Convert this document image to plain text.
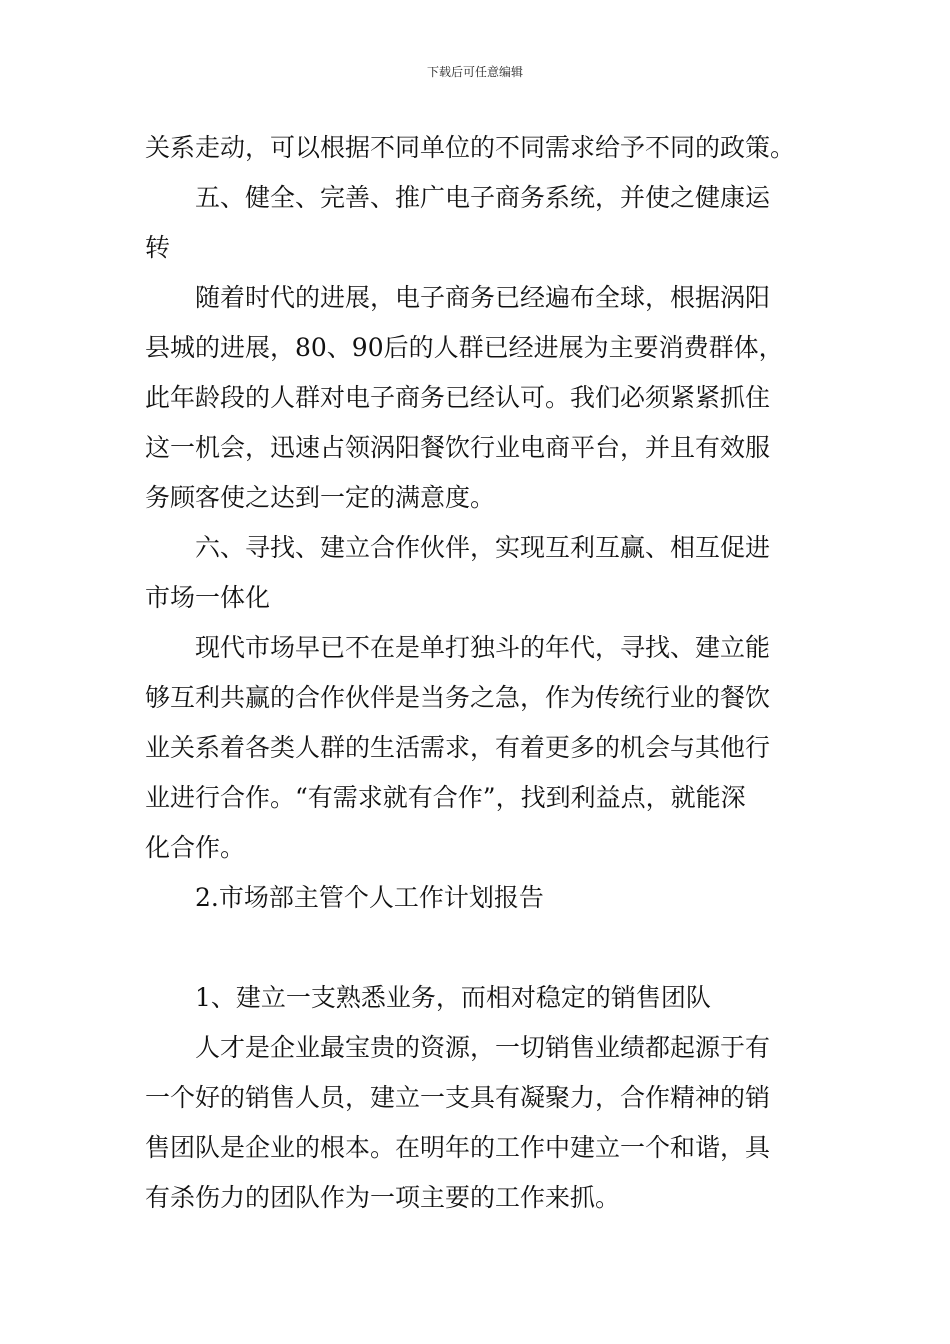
下载后可任意编辑
关系走动，可以根据不同单位的不同需求给予不同的政策。
五、健全、完善、推广电子商务系统，并使之健康运
转
随着时代的进展，电子商务已经遍布全球，根据涡阳
县城的进展，80、90后的人群已经进展为主要消费群体，
此年龄段的人群对电子商务已经认可。我们必须紧紧抓住
这一机会，迅速占领涡阳餐饮行业电商平台，并且有效服
务顾客使之达到一定的满意度。
六、寻找、建立合作伙伴，实现互利互赢、相互促进
市场一体化
现代市场早已不在是单打独斗的年代，寻找、建立能
够互利共赢的合作伙伴是当务之急，作为传统行业的餐饮
业关系着各类人群的生活需求，有着更多的机会与其他行
业进行合作。“有需求就有合作”，找到利益点，就能深
化合作。
2.市场部主管个人工作计划报告
1、建立一支熟悉业务，而相对稳定的销售团队
人才是企业最宝贵的资源，一切销售业绩都起源于有
一个好的销售人员，建立一支具有凝聚力，合作精神的销
售团队是企业的根本。在明年的工作中建立一个和谐，具
有杀伤力的团队作为一项主要的工作来抓。
